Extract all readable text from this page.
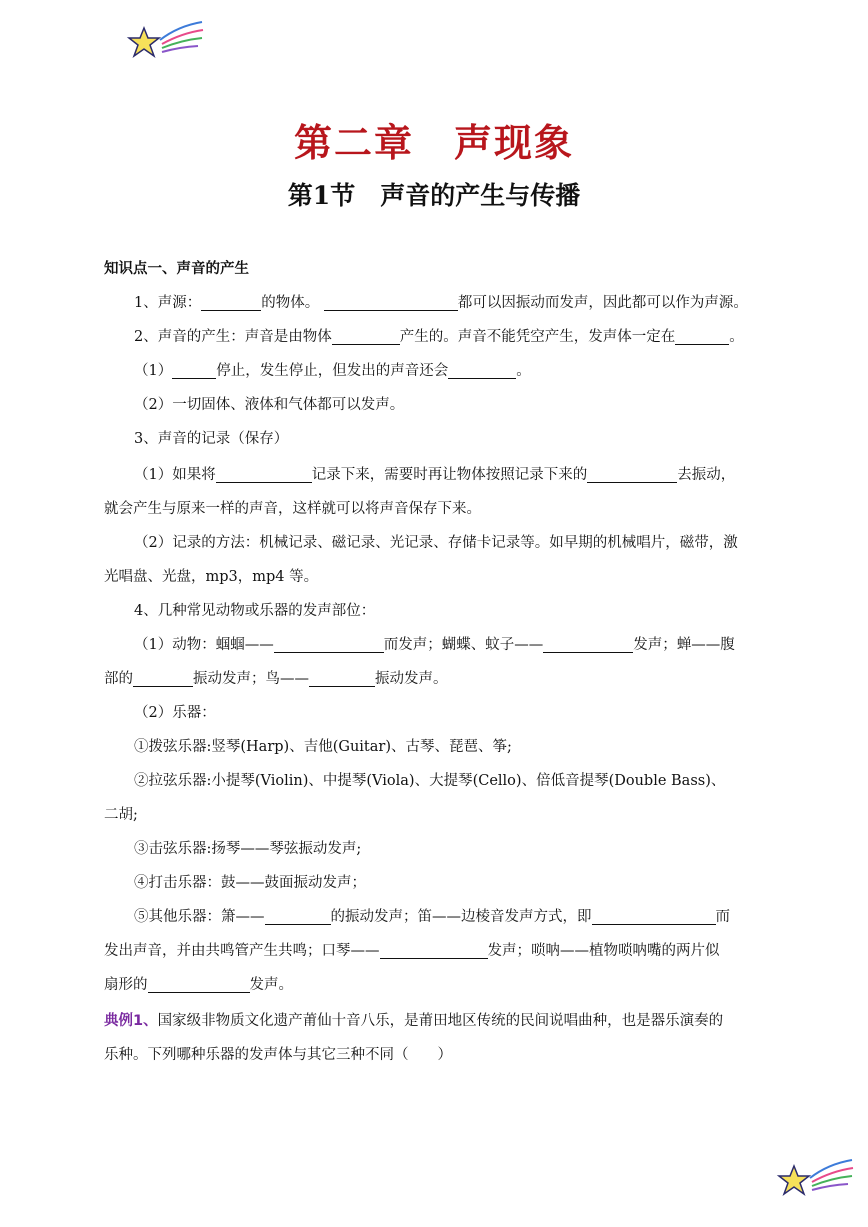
第二章　声现象
第1节　声音的产生与传播
知识点一、声音的产生
1、声源：	的物体。	都可以因振动而发声，因此都可以作为声源。
2、声音的产生：声音是由物体	产生的。声音不能凭空产生，发声体一定在	。
（1）	停止，发生停止，但发出的声音还会	。
（2）一切固体、液体和气体都可以发声。
3、声音的记录（保存）
（1）如果将	记录下来，需要时再让物体按照记录下来的	去振动，
就会产生与原来一样的声音，这样就可以将声音保存下来。
（2）记录的方法：机械记录、磁记录、光记录、存储卡记录等。如早期的机械唱片，磁带，激
光唱盘、光盘，mp3，mp4 等。
4、几种常见动物或乐器的发声部位：
（1）动物：蝈蝈——	而发声；蝴蝶、蚊子——	发声；蝉——腹
部的	振动发声；鸟——	振动发声。
（2）乐器：
①拨弦乐器:竖琴(Harp)、吉他(Guitar)、古琴、琵琶、筝;
②拉弦乐器:小提琴(Violin)、中提琴(Viola)、大提琴(Cello)、倍低音提琴(Double Bass)、
二胡;
③击弦乐器:扬琴——琴弦振动发声;
④打击乐器：鼓——鼓面振动发声；
⑤其他乐器：箫——	的振动发声；笛——边棱音发声方式，即	而
发出声音，并由共鸣管产生共鸣；口琴——	发声；唢呐——植物唢呐嘴的两片似
扇形的	发声。
典例1、国家级非物质文化遗产莆仙十音八乐，是莆田地区传统的民间说唱曲种，也是器乐演奏的
乐种。下列哪种乐器的发声体与其它三种不同（　　）
